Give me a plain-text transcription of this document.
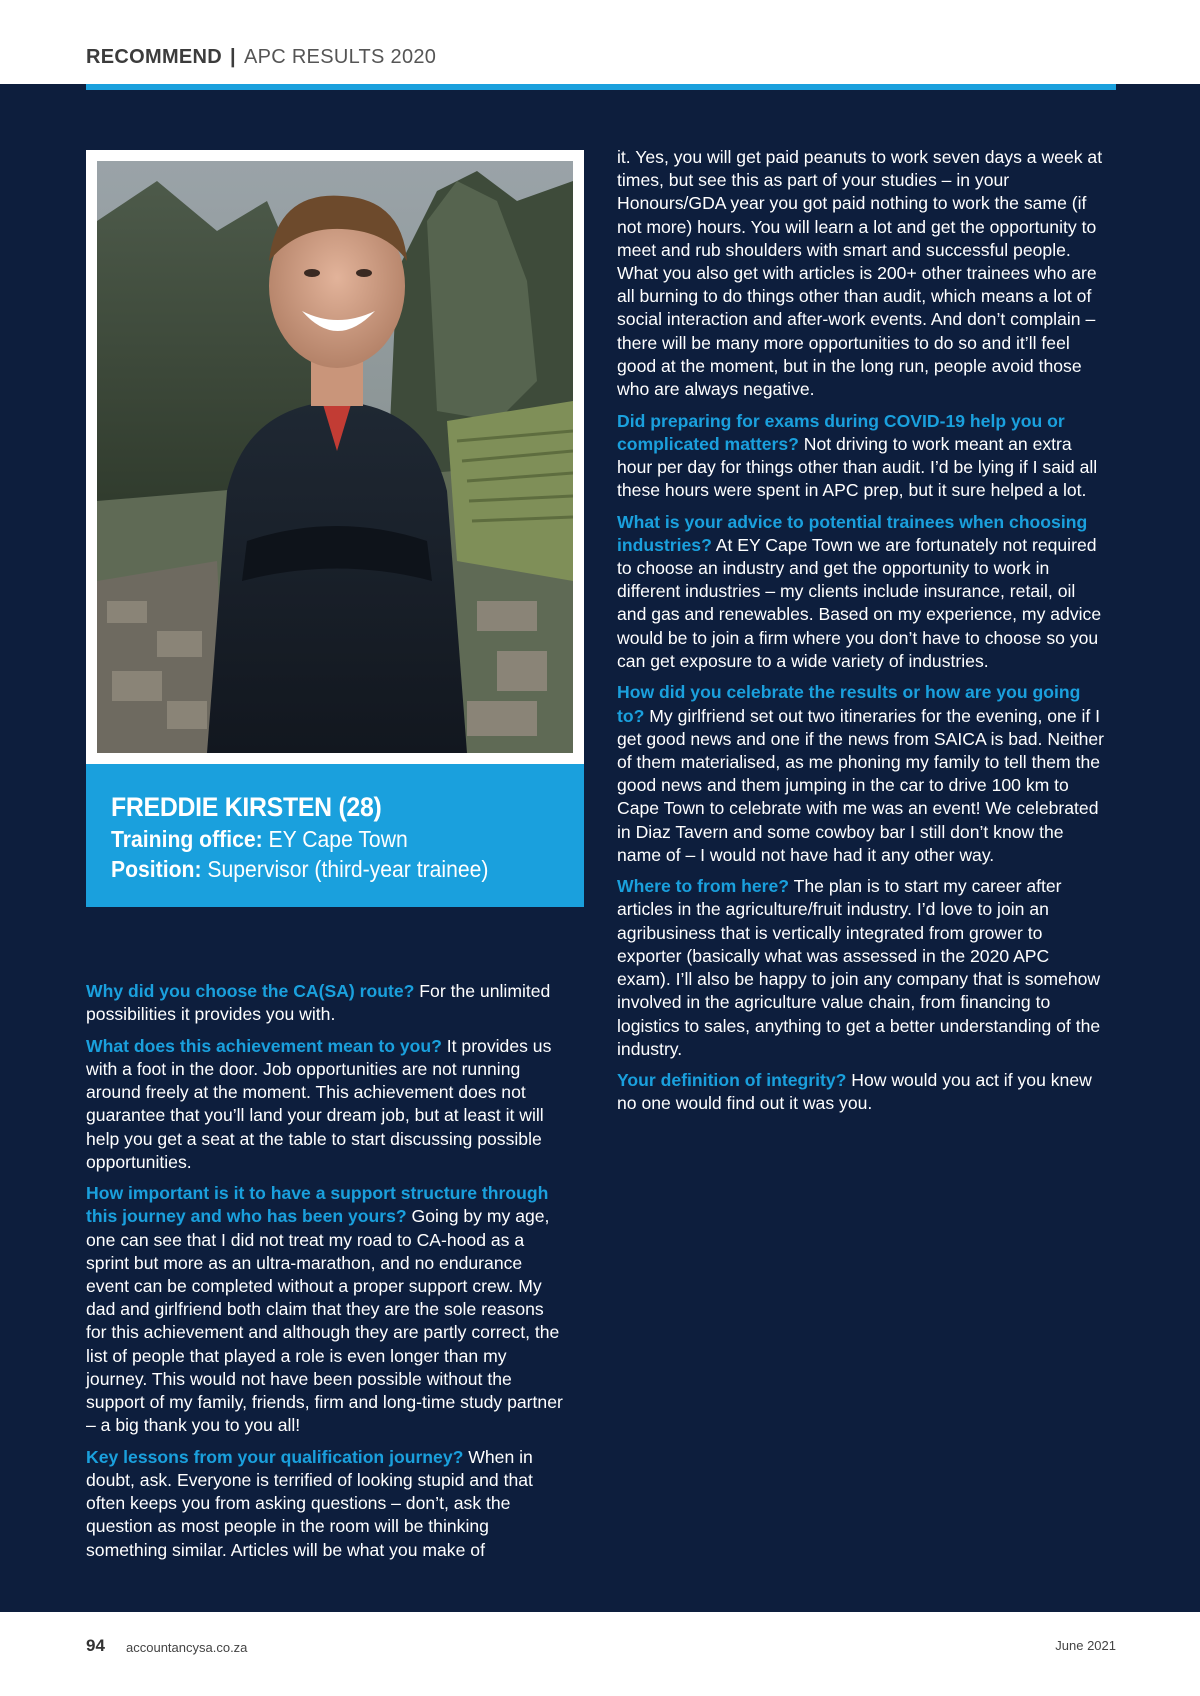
RECOMMEND | APC RESULTS 2020
FREDDIE KIRSTEN (28)
Training office: EY Cape Town
Position: Supervisor (third-year trainee)

Why did you choose the CA(SA) route? For the unlimited possibilities it provides you with.

What does this achievement mean to you? It provides us with a foot in the door. Job opportunities are not running around freely at the moment. This achievement does not guarantee that you’ll land your dream job, but at least it will help you get a seat at the table to start discussing possible opportunities.

How important is it to have a support structure through this journey and who has been yours? Going by my age, one can see that I did not treat my road to CA-hood as a sprint but more as an ultra-marathon, and no endurance event can be completed without a proper support crew. My dad and girlfriend both claim that they are the sole reasons for this achievement and although they are partly correct, the list of people that played a role is even longer than my journey. This would not have been possible without the support of my family, friends, firm and long-time study partner – a big thank you to you all!

Key lessons from your qualification journey? When in doubt, ask. Everyone is terrified of looking stupid and that often keeps you from asking questions – don’t, ask the question as most people in the room will be thinking something similar. Articles will be what you make of

it. Yes, you will get paid peanuts to work seven days a week at times, but see this as part of your studies – in your Honours/GDA year you got paid nothing to work the same (if not more) hours. You will learn a lot and get the opportunity to meet and rub shoulders with smart and successful people. What you also get with articles is 200+ other trainees who are all burning to do things other than audit, which means a lot of social interaction and after-work events. And don’t complain – there will be many more opportunities to do so and it’ll feel good at the moment, but in the long run, people avoid those who are always negative.

Did preparing for exams during COVID-19 help you or complicated matters? Not driving to work meant an extra hour per day for things other than audit. I’d be lying if I said all these hours were spent in APC prep, but it sure helped a lot.

What is your advice to potential trainees when choosing industries? At EY Cape Town we are fortunately not required to choose an industry and get the opportunity to work in different industries – my clients include insurance, retail, oil and gas and renewables. Based on my experience, my advice would be to join a firm where you don’t have to choose so you can get exposure to a wide variety of industries.

How did you celebrate the results or how are you going to? My girlfriend set out two itineraries for the evening, one if I get good news and one if the news from SAICA is bad. Neither of them materialised, as me phoning my family to tell them the good news and them jumping in the car to drive 100 km to Cape Town to celebrate with me was an event! We celebrated in Diaz Tavern and some cowboy bar I still don’t know the name of – I would not have had it any other way.

Where to from here? The plan is to start my career after articles in the agriculture/fruit industry. I’d love to join an agribusiness that is vertically integrated from grower to exporter (basically what was assessed in the 2020 APC exam). I’ll also be happy to join any company that is somehow involved in the agriculture value chain, from financing to logistics to sales, anything to get a better understanding of the industry.

Your definition of integrity? How would you act if you knew no one would find out it was you.

94 accountancysa.co.za	June 2021
